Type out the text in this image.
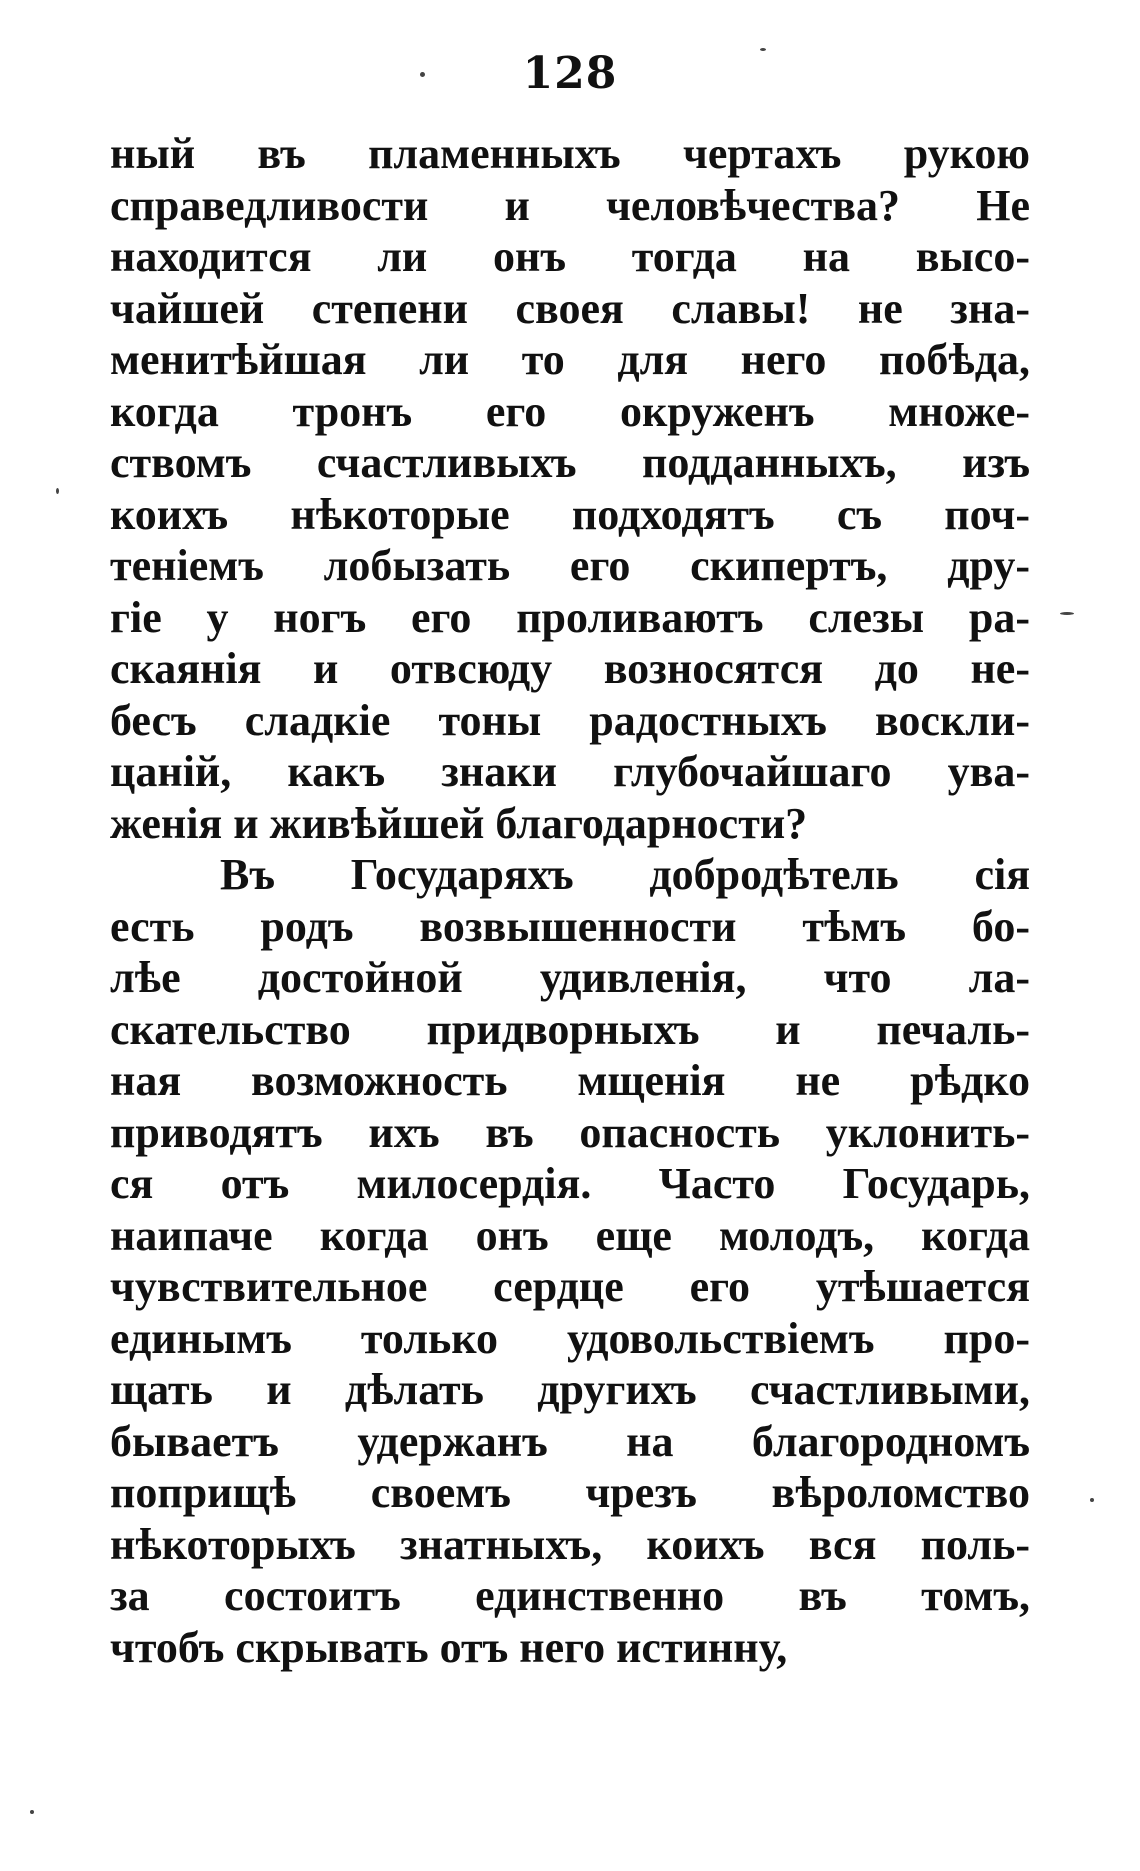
128
ный въ пламенныхъ чертахъ рукою
справедливости и человѣчества? Не
находится ли онъ тогда на высо-
чайшей степени своея славы! не зна-
менитѣйшая ли то для него побѣда,
когда тронъ его окруженъ множе-
ствомъ счастливыхъ подданныхъ, изъ
коихъ нѣкоторые подходятъ съ поч-
теніемъ лобызать его скипертъ, дру-
гіе у ногъ его проливаютъ слезы ра-
скаянія и отвсюду возносятся до не-
бесъ сладкіе тоны радостныхъ воскли-
цаній, какъ знаки глубочайшаго ува-
женія и живѣйшей благодарности?
Въ Государяхъ добродѣтель сія
есть родъ возвышенности тѣмъ бо-
лѣе достойной удивленія, что ла-
скательство придворныхъ и печаль-
ная возможность мщенія не рѣдко
приводятъ ихъ въ опасность уклонить-
ся отъ милосердія. Часто Государь,
наипаче когда онъ еще молодъ, когда
чувствительное сердце его утѣшается
единымъ только удовольствіемъ про-
щать и дѣлать другихъ счастливыми,
бываетъ удержанъ на благородномъ
поприщѣ своемъ чрезъ вѣроломство
нѣкоторыхъ знатныхъ, коихъ вся поль-
за состоитъ единственно въ томъ,
чтобъ скрывать отъ него истинну,
